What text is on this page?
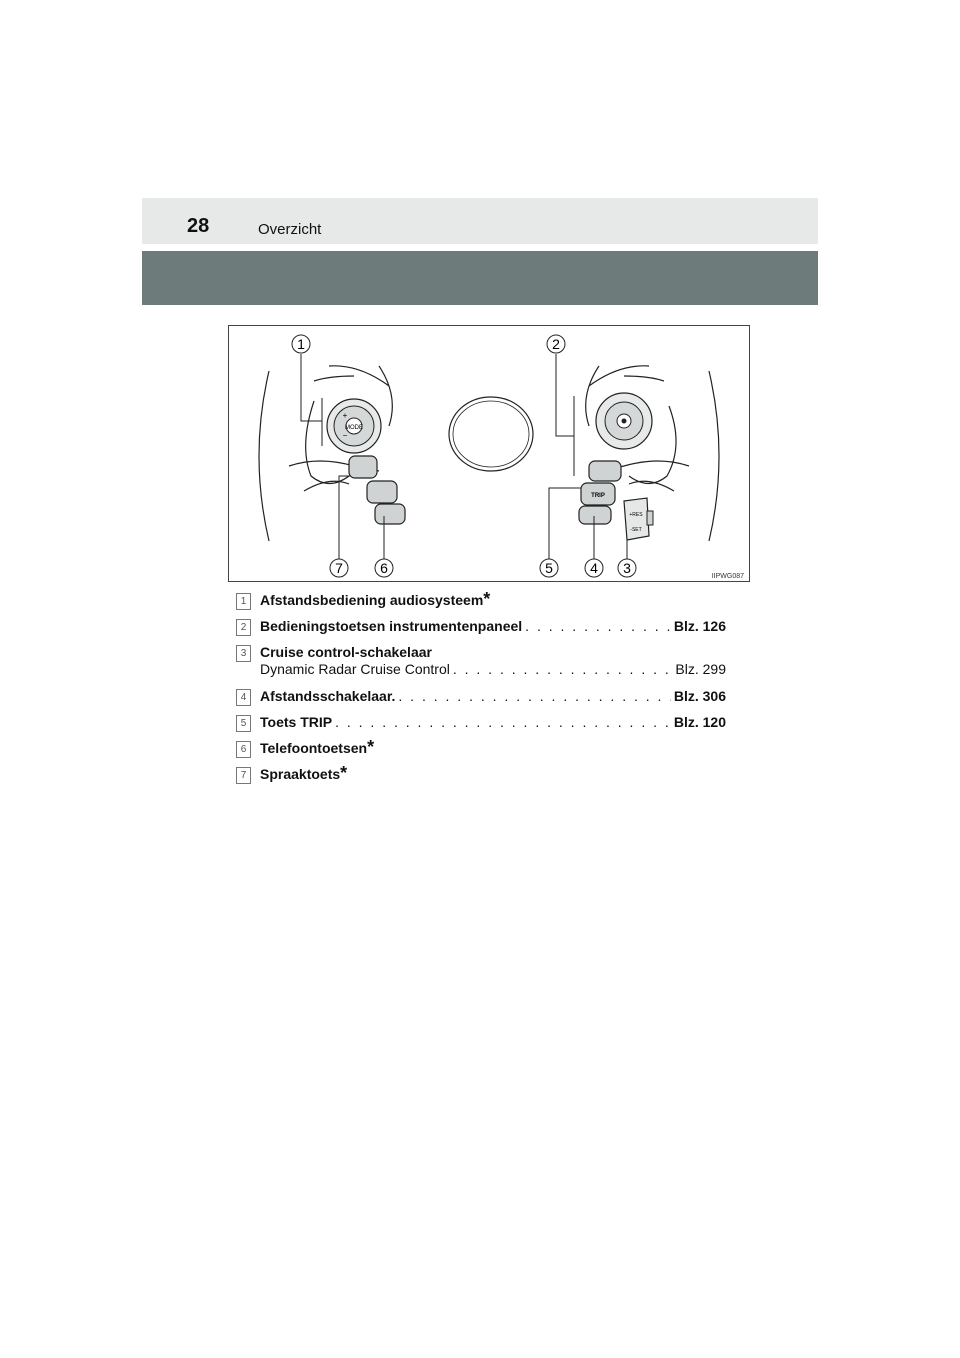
28	Overzicht
MODE
+
−
TRIP
+RES
-SET
1	2
3
4
5
6
7
IIPWG087
1 Afstandsbediening audiosysteem *
2 Bedieningstoetsen instrumentenpaneel . . .	Blz. 126
3 Cruise control-schakelaar
Dynamic Radar Cruise Control . . .	Blz. 299
4 Afstandsschakelaar. . . .	Blz. 306
5 Toets TRIP . . .	Blz. 120
6 Telefoontoetsen *
7 Spraaktoets *
